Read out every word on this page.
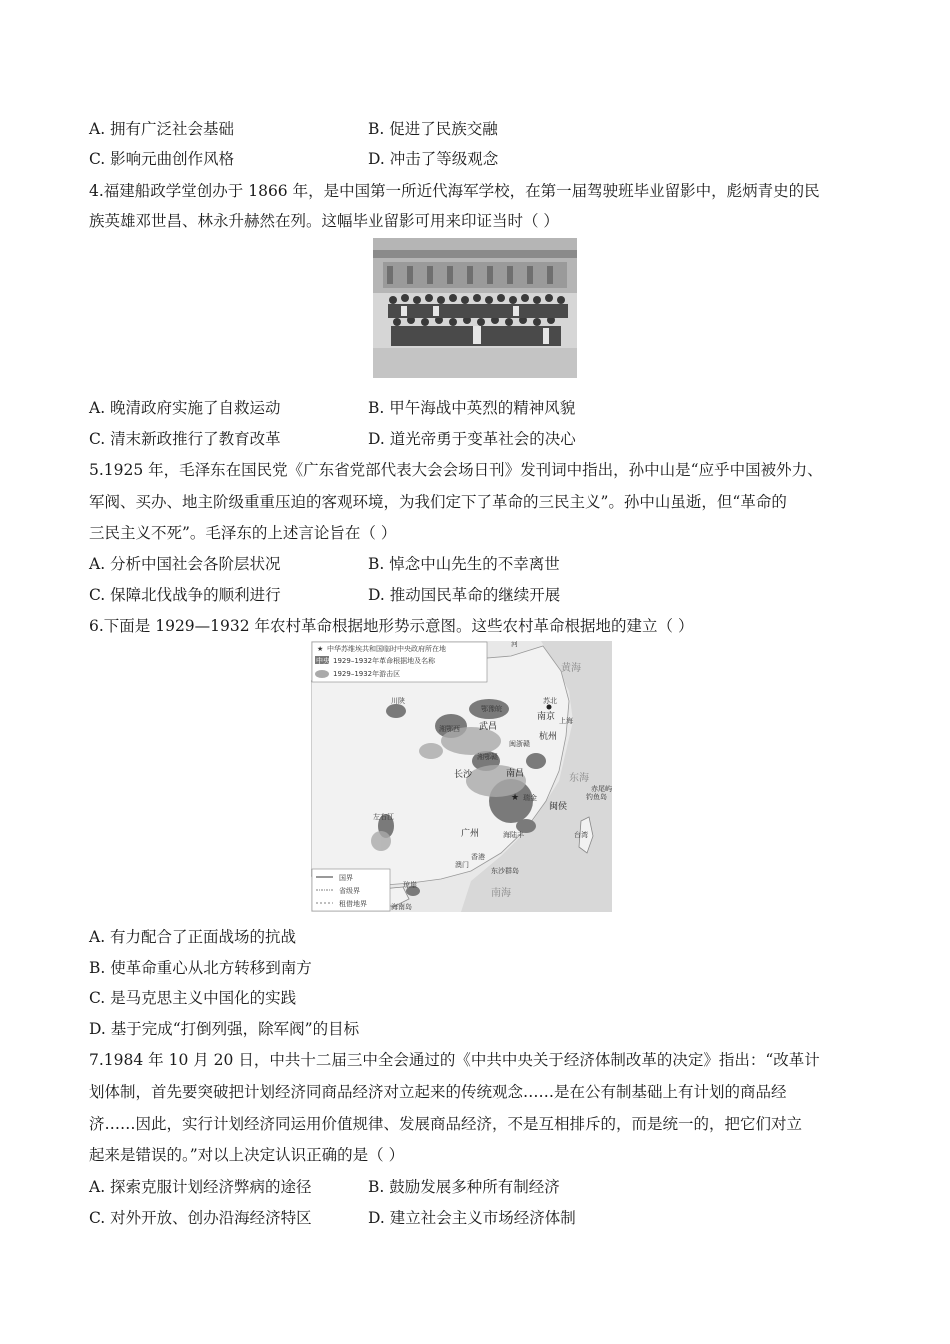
A. 拥有广泛社会基础	B. 促进了民族交融
C. 影响元曲创作风格	D. 冲击了等级观念
4.福建船政学堂创办于 1866 年，是中国第一所近代海军学校，在第一届驾驶班毕业留影中，彪炳青史的民
族英雄邓世昌、林永升赫然在列。这幅毕业留影可用来印证当时（ ）
A. 晚清政府实施了自救运动	B. 甲午海战中英烈的精神风貌
C. 清末新政推行了教育改革	D. 道光帝勇于变革社会的决心
5.1925 年，毛泽东在国民党《广东省党部代表大会会场日刊》发刊词中指出，孙中山是“应乎中国被外力、
军阀、买办、地主阶级重重压迫的客观环境，为我们定下了革命的三民主义”。孙中山虽逝，但“革命的
三民主义不死”。毛泽东的上述言论旨在（ ）
A. 分析中国社会各阶层状况	B. 悼念中山先生的不幸离世
C. 保障北伐战争的顺利进行	D. 推动国民革命的继续开展
6.下面是 1929—1932 年农村革命根据地形势示意图。这些农村革命根据地的建立（ ）
★ 中华苏维埃共和国临时中央政府所在地
中央 1929–1932年革命根据地及名称
1929–1932年游击区
国界
省级界
租借地界
黄海
东海
南海
河
苏北
南京 上海
杭州
鄂豫皖
武昌
湘鄂西
闽浙赣
湘鄂赣
长沙	南昌
★ 瑞金
闽侯
钓鱼岛
赤尾屿
台湾
川陕
左右江
广州	海陆丰
香港
澳门
东沙群岛
琼崖
海南岛
A. 有力配合了正面战场的抗战
B. 使革命重心从北方转移到南方
C. 是马克思主义中国化的实践
D. 基于完成“打倒列强，除军阀”的目标
7.1984 年 10 月 20 日，中共十二届三中全会通过的《中共中央关于经济体制改革的决定》指出：“改革计
划体制，首先要突破把计划经济同商品经济对立起来的传统观念……是在公有制基础上有计划的商品经
济……因此，实行计划经济同运用价值规律、发展商品经济，不是互相排斥的，而是统一的，把它们对立
起来是错误的。”对以上决定认识正确的是（ ）
A. 探索克服计划经济弊病的途径	B. 鼓励发展多种所有制经济
C. 对外开放、创办沿海经济特区	D. 建立社会主义市场经济体制
